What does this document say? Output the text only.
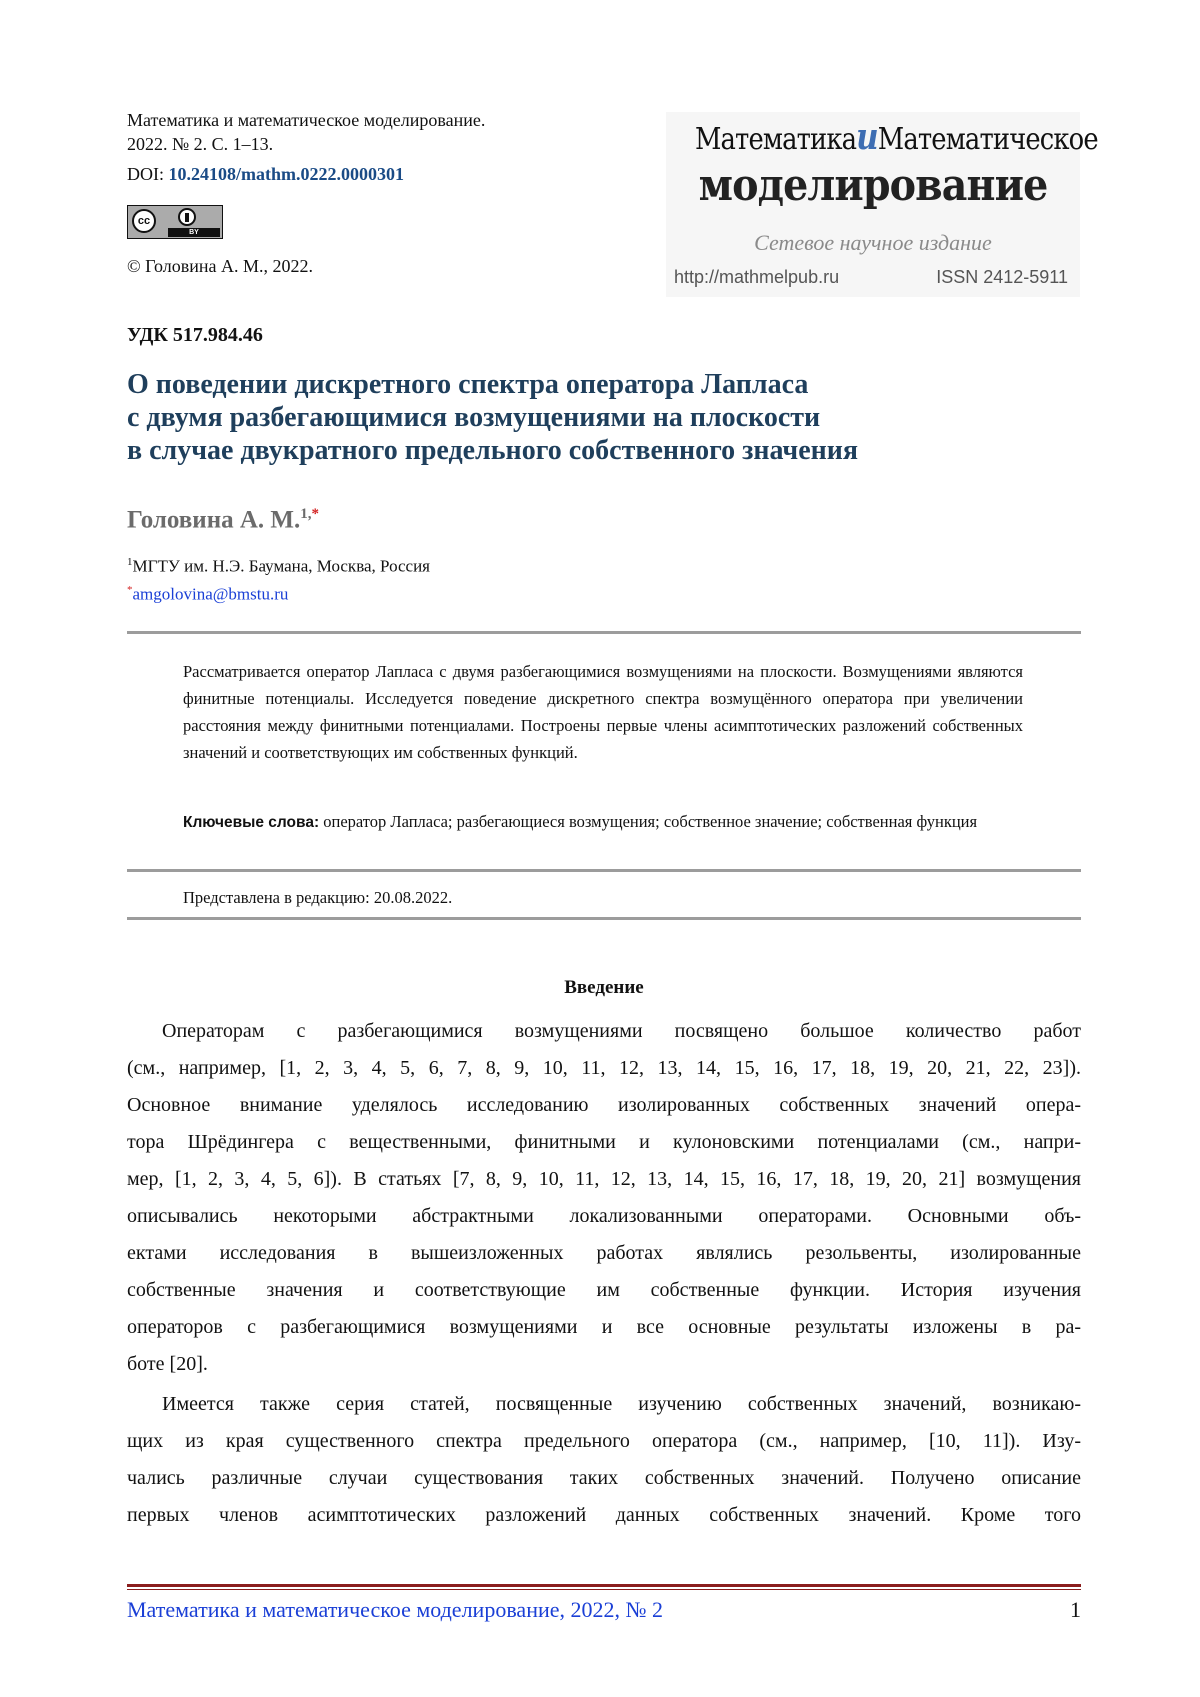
Математика и математическое моделирование.
2022. № 2. С. 1–13.
DOI: 10.24108/mathm.0222.0000301
cc
BY
© Головина А. М., 2022.
МатематикаиМатематическое
моделирование
Сетевое научное издание
http://mathmelpub.ru	ISSN 2412-5911
УДК 517.984.46
О поведении дискретного спектра оператора Лапласа
с двумя разбегающимися возмущениями на плоскости
в случае двукратного предельного собственного значения
Головина А. М.1,*
1МГТУ им. Н.Э. Баумана, Москва, Россия
*amgolovina@bmstu.ru
Рассматривается оператор Лапласа с двумя разбегающимися возмущениями на плоскости. Возмущениями являются финитные потенциалы. Исследуется поведение дискретного спектра возмущённого оператора при увеличении расстояния между финитными потенциалами. Построены первые члены асимптотических разложений собственных значений и соответствующих им собственных функций.
Ключевые слова: оператор Лапласа; разбегающиеся возмущения; собственное значение; собственная функция
Представлена в редакцию: 20.08.2022.
Введение
Операторам с разбегающимися возмущениями посвящено большое количество работ
(см., например, [1, 2, 3, 4, 5, 6, 7, 8, 9, 10, 11, 12, 13, 14, 15, 16, 17, 18, 19, 20, 21, 22, 23]).
Основное внимание уделялось исследованию изолированных собственных значений опера-
тора Шрёдингера с вещественными, финитными и кулоновскими потенциалами (см., напри-
мер, [1, 2, 3, 4, 5, 6]). В статьях [7, 8, 9, 10, 11, 12, 13, 14, 15, 16, 17, 18, 19, 20, 21] возмущения
описывались некоторыми абстрактными локализованными операторами. Основными объ-
ектами исследования в вышеизложенных работах являлись резольвенты, изолированные
собственные значения и соответствующие им собственные функции. История изучения
операторов с разбегающимися возмущениями и все основные результаты изложены в ра-
боте [20].
Имеется также серия статей, посвященные изучению собственных значений, возникаю-
щих из края существенного спектра предельного оператора (см., например, [10, 11]). Изу-
чались различные случаи существования таких собственных значений. Получено описание
первых членов асимптотических разложений данных собственных значений. Кроме того
Математика и математическое моделирование, 2022, № 2	1
